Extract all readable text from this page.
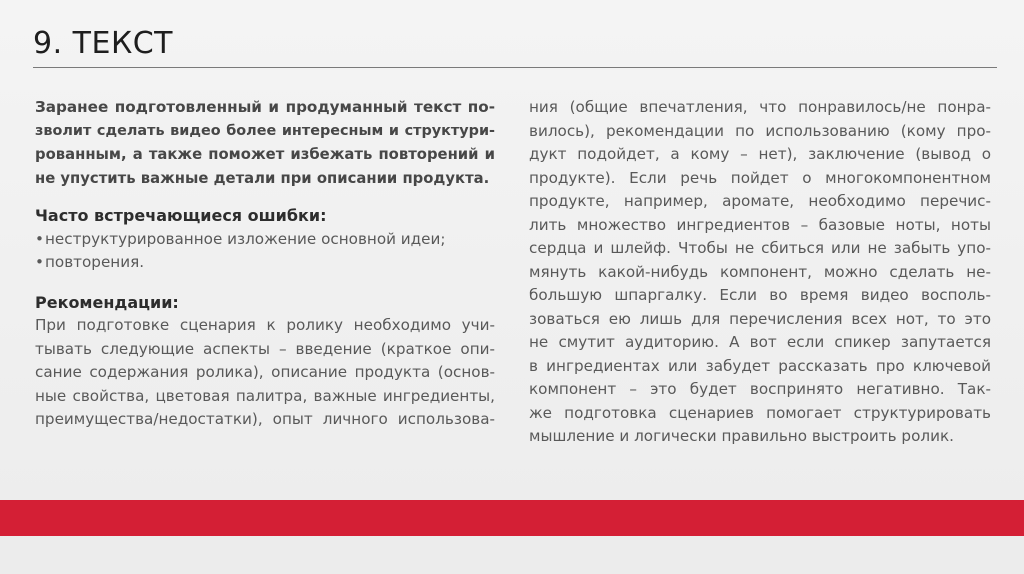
9. ТЕКСТ
Заранее подготовленный и продуманный текст по-
зволит сделать видео более интересным и структури-
рованным, а также поможет избежать повторений и
не упустить важные детали при описании продукта.
Часто встречающиеся ошибки:
•неструктурированное изложение основной идеи;
•повторения.
Рекомендации:
При подготовке сценария к ролику необходимо учи-
тывать следующие аспекты – введение (краткое опи-
сание содержания ролика), описание продукта (основ-
ные свойства, цветовая палитра, важные ингредиенты,
преимущества/недостатки), опыт личного использова-
ния (общие впечатления, что понравилось/не понра-
вилось), рекомендации по использованию (кому про-
дукт подойдет, а кому – нет), заключение (вывод о
продукте). Если речь пойдет о многокомпонентном
продукте, например, аромате, необходимо перечис-
лить множество ингредиентов – базовые ноты, ноты
сердца и шлейф. Чтобы не сбиться или не забыть упо-
мянуть какой-нибудь компонент, можно сделать не-
большую шпаргалку. Если во время видео восполь-
зоваться ею лишь для перечисления всех нот, то это
не смутит аудиторию. А вот если спикер запутается
в ингредиентах или забудет рассказать про ключевой
компонент – это будет воспринято негативно. Так-
же подготовка сценариев помогает структурировать
мышление и логически правильно выстроить ролик.
